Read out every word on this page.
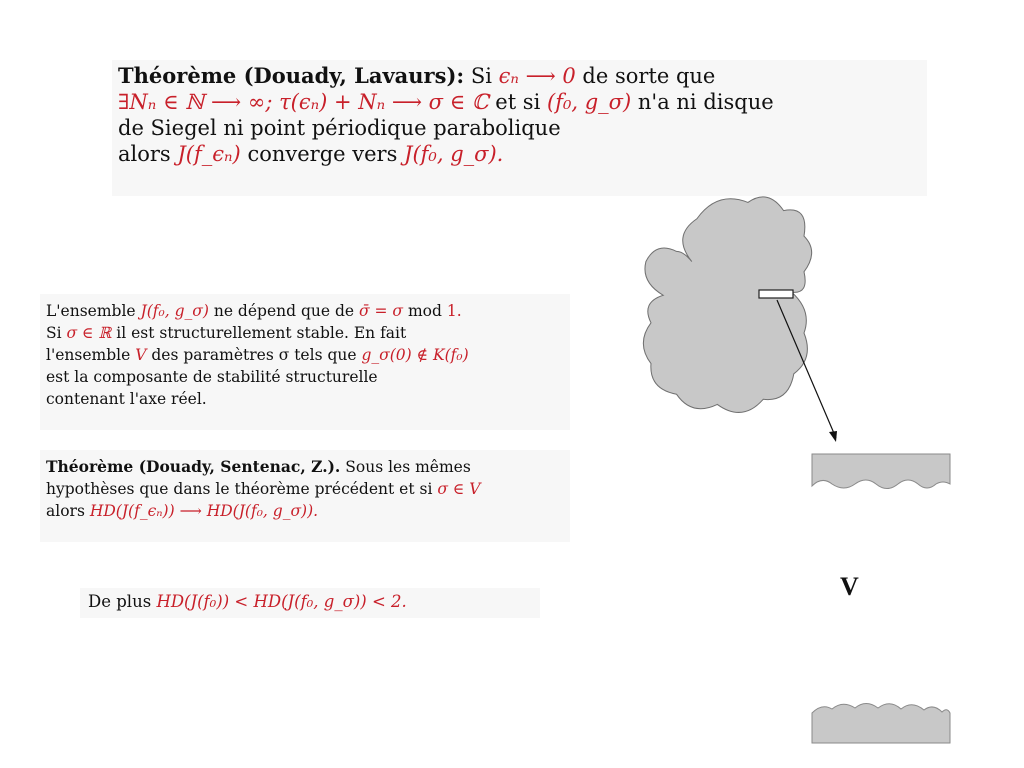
Théorème (Douady, Lavaurs): Si ϵₙ ⟶ 0 de sorte que
∃Nₙ ∈ ℕ ⟶ ∞; τ(ϵₙ) + Nₙ ⟶ σ ∈ ℂ et si (f₀, g_σ) n'a ni disque
de Siegel ni point périodique parabolique
alors J(f_ϵₙ) converge vers J(f₀, g_σ).
L'ensemble J(f₀, g_σ) ne dépend que de σ̄ = σ mod 1.
Si σ ∈ ℝ il est structurellement stable. En fait
l'ensemble V des paramètres σ tels que g_σ(0) ∉ K(f₀)
est la composante de stabilité structurelle
contenant l'axe réel.
Théorème (Douady, Sentenac, Z.). Sous les mêmes
hypothèses que dans le théorème précédent et si σ ∈ V
alors HD(J(f_ϵₙ)) ⟶ HD(J(f₀, g_σ)).
De plus HD(J(f₀)) < HD(J(f₀, g_σ)) < 2.
V
